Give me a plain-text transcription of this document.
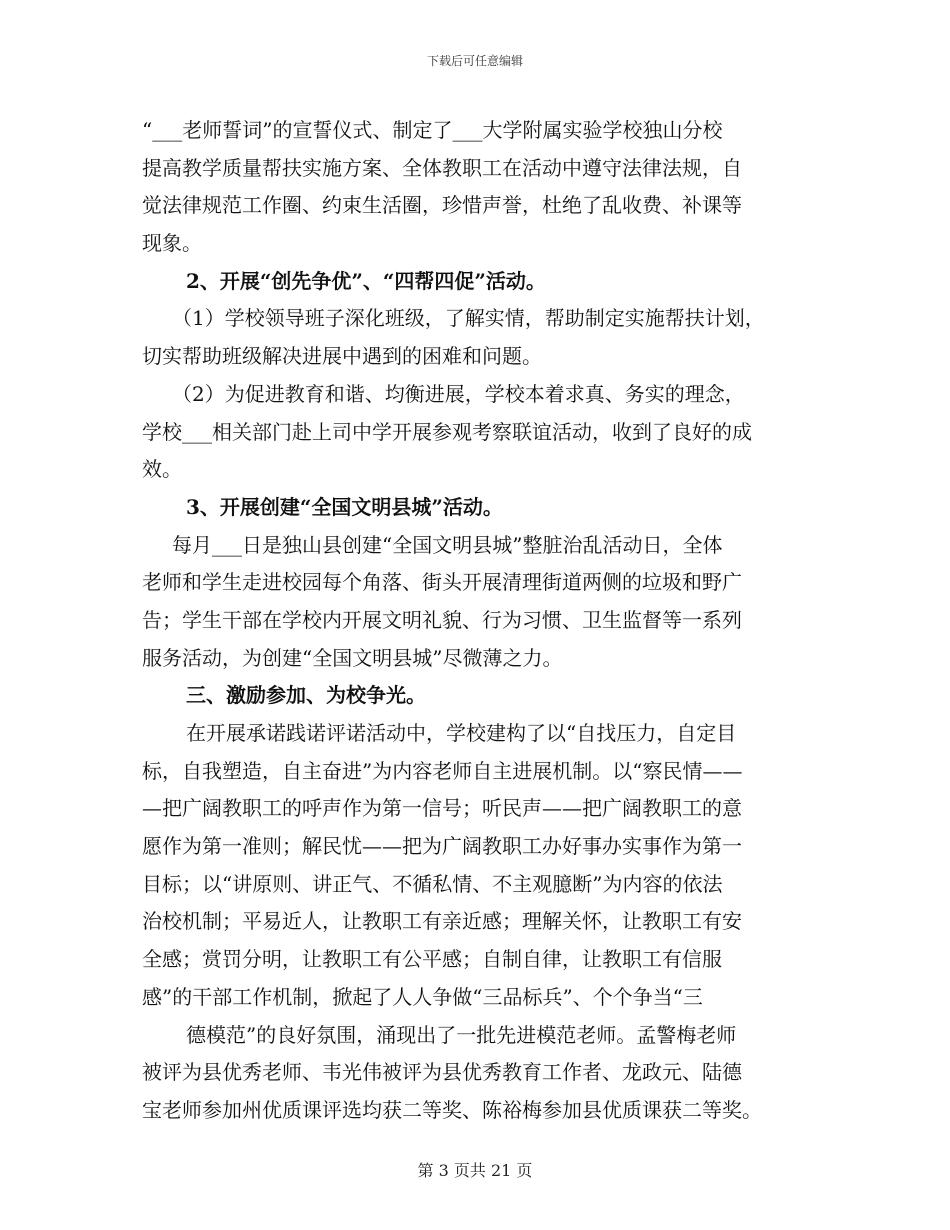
下载后可任意编辑
“___老师誓词”的宣誓仪式、制定了___大学附属实验学校独山分校
提高教学质量帮扶实施方案、全体教职工在活动中遵守法律法规，自
觉法律规范工作圈、约束生活圈，珍惜声誉，杜绝了乱收费、补课等
现象。
2、开展“创先争优”、“四帮四促”活动。
（1）学校领导班子深化班级，了解实情，帮助制定实施帮扶计划，
切实帮助班级解决进展中遇到的困难和问题。
（2）为促进教育和谐、均衡进展，学校本着求真、务实的理念，
学校___相关部门赴上司中学开展参观考察联谊活动，收到了良好的成
效。
3、开展创建“全国文明县城”活动。
每月___日是独山县创建“全国文明县城”整脏治乱活动日，全体
老师和学生走进校园每个角落、街头开展清理街道两侧的垃圾和野广
告；学生干部在学校内开展文明礼貌、行为习惯、卫生监督等一系列
服务活动，为创建“全国文明县城”尽微薄之力。
三、激励参加、为校争光。
在开展承诺践诺评诺活动中，学校建构了以“自找压力，自定目
标，自我塑造，自主奋进”为内容老师自主进展机制。以“察民情——
—把广阔教职工的呼声作为第一信号；听民声——把广阔教职工的意
愿作为第一准则；解民忧——把为广阔教职工办好事办实事作为第一
目标；以“讲原则、讲正气、不循私情、不主观臆断”为内容的依法
治校机制；平易近人，让教职工有亲近感；理解关怀，让教职工有安
全感；赏罚分明，让教职工有公平感；自制自律，让教职工有信服
感”的干部工作机制，掀起了人人争做“三品标兵”、个个争当“三
德模范”的良好氛围，涌现出了一批先进模范老师。孟警梅老师
被评为县优秀老师、韦光伟被评为县优秀教育工作者、龙政元、陆德
宝老师参加州优质课评选均获二等奖、陈裕梅参加县优质课获二等奖。
第 3 页共 21 页
